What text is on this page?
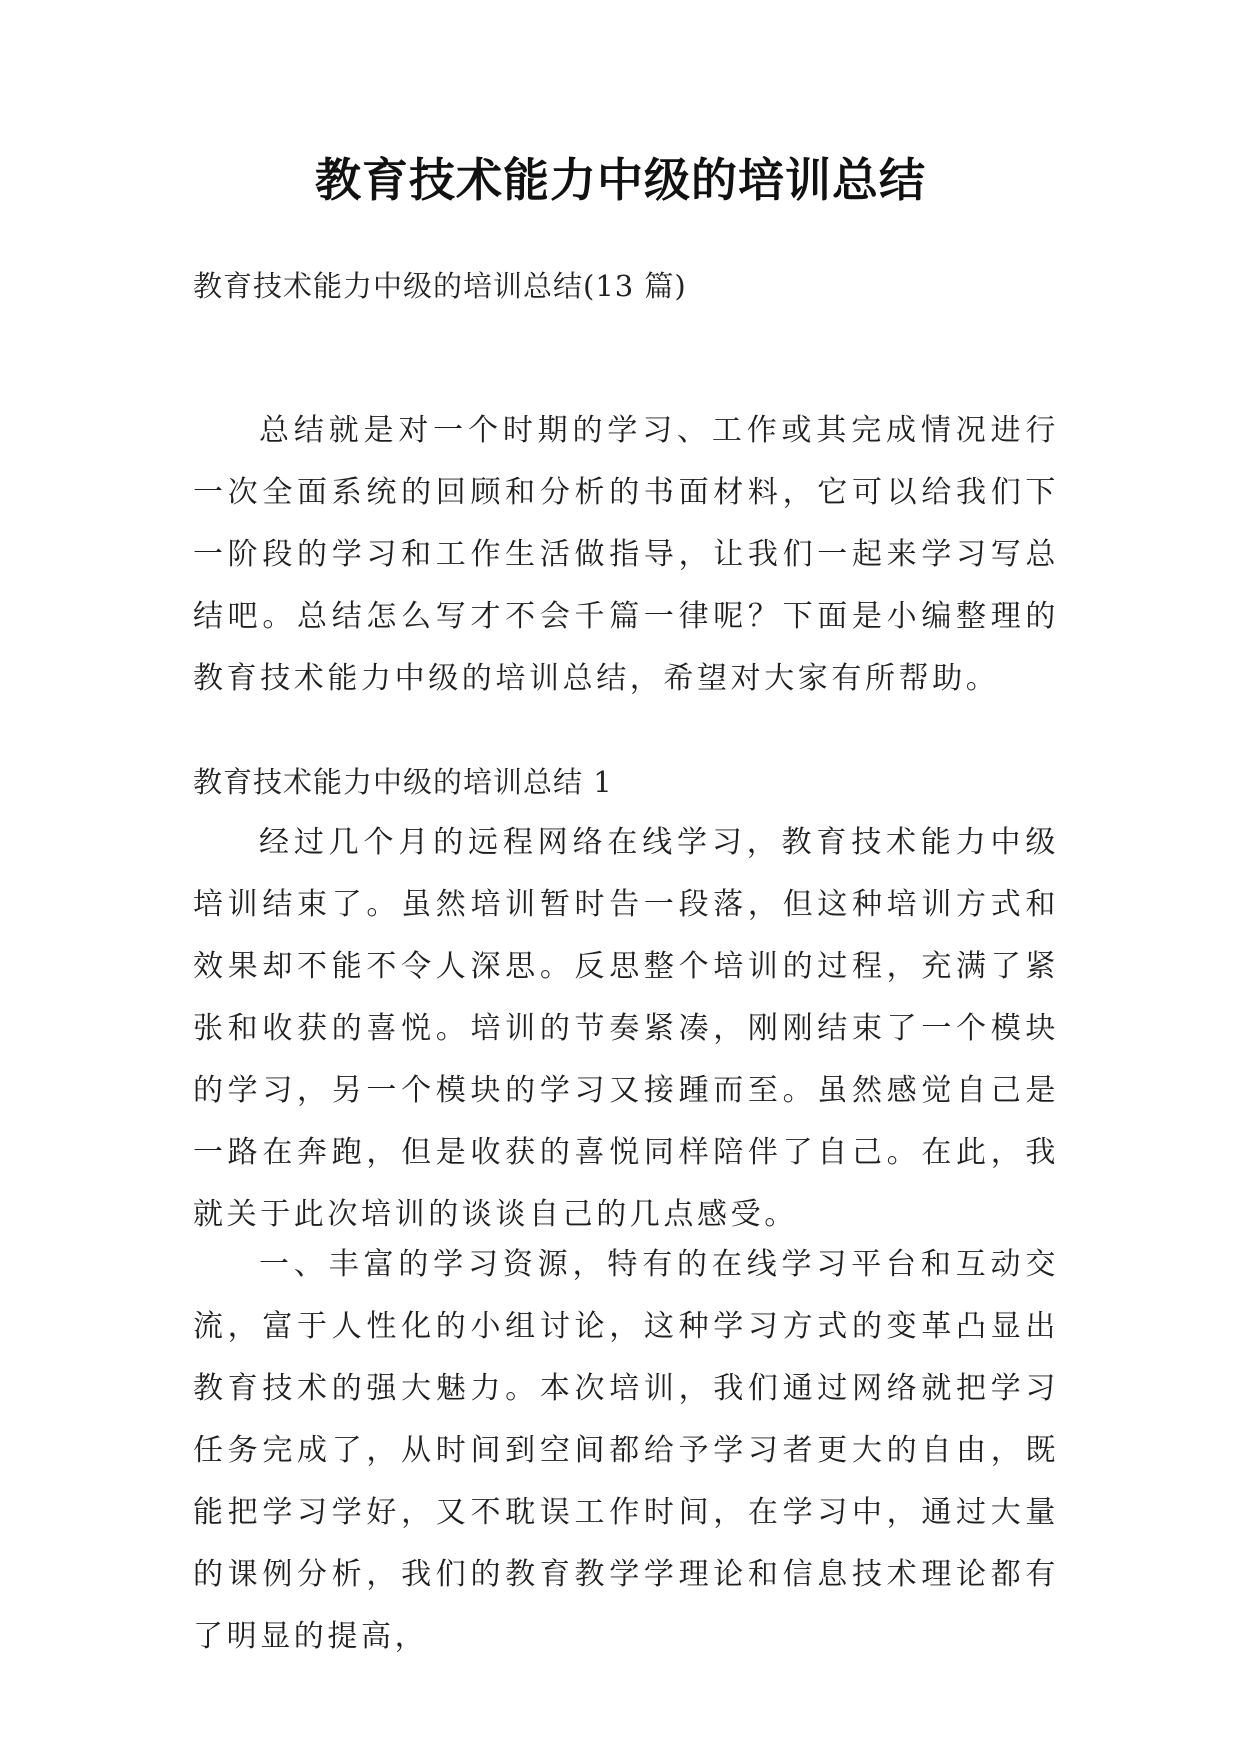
教育技术能力中级的培训总结

教育技术能力中级的培训总结(13 篇)

总结就是对一个时期的学习、工作或其完成情况进行一次全面系统的回顾和分析的书面材料，它可以给我们下一阶段的学习和工作生活做指导，让我们一起来学习写总结吧。总结怎么写才不会千篇一律呢？下面是小编整理的教育技术能力中级的培训总结，希望对大家有所帮助。

教育技术能力中级的培训总结 1

经过几个月的远程网络在线学习，教育技术能力中级培训结束了。虽然培训暂时告一段落，但这种培训方式和效果却不能不令人深思。反思整个培训的过程，充满了紧张和收获的喜悦。培训的节奏紧凑，刚刚结束了一个模块的学习，另一个模块的学习又接踵而至。虽然感觉自己是一路在奔跑，但是收获的喜悦同样陪伴了自己。在此，我就关于此次培训的谈谈自己的几点感受。

一、丰富的学习资源，特有的在线学习平台和互动交流，富于人性化的小组讨论，这种学习方式的变革凸显出教育技术的强大魅力。本次培训，我们通过网络就把学习任务完成了，从时间到空间都给予学习者更大的自由，既能把学习学好，又不耽误工作时间，在学习中，通过大量的课例分析，我们的教育教学学理论和信息技术理论都有了明显的提高，
